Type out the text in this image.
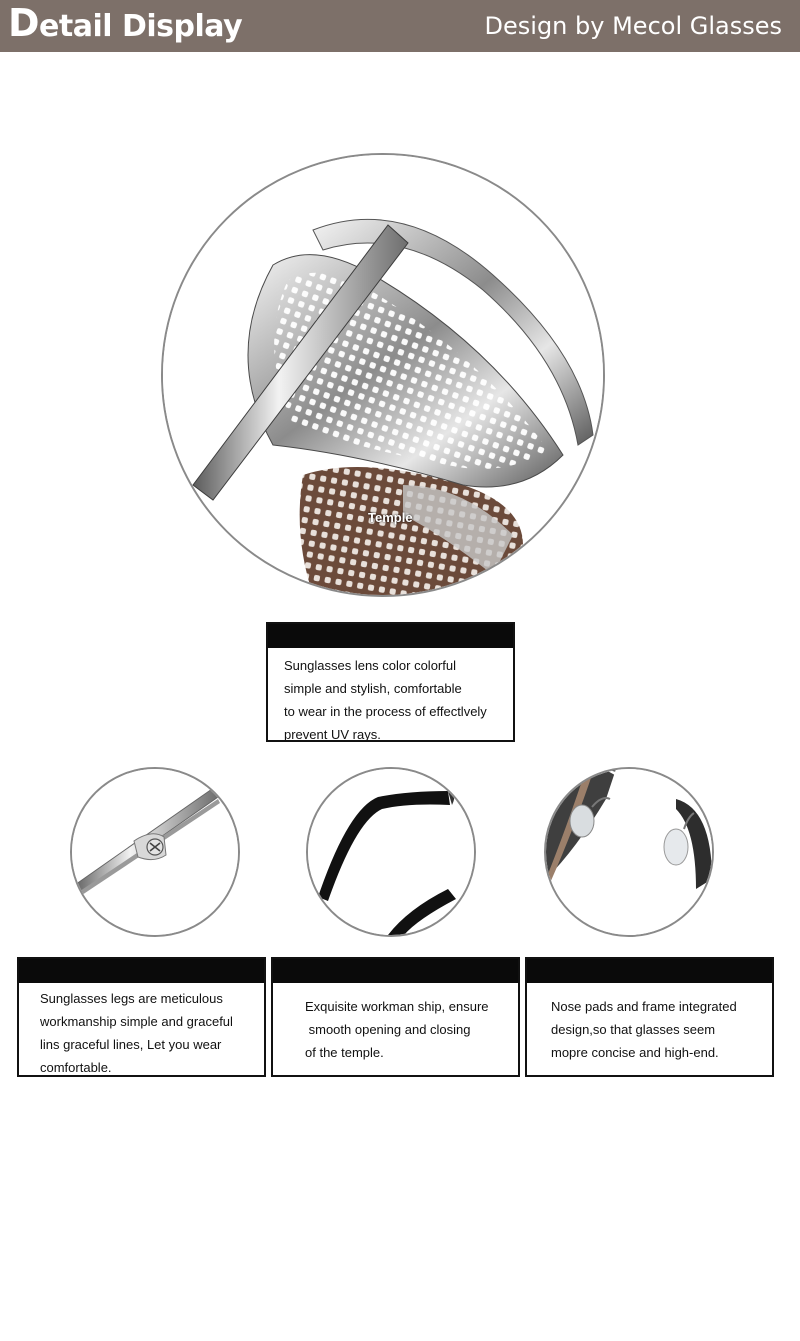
Detail Display	Design by Mecol Glasses
Temple
Sunglasses lens color colorful
simple and stylish, comfortable
to wear in the process of effectlvely
prevent UV rays.
Sunglasses legs are meticulous
workmanship simple and graceful
lins graceful lines, Let you wear
comfortable.
Exquisite workman ship, ensure
smooth opening and closing
of the temple.
Nose pads and frame integrated
design,so that glasses seem
mopre concise and high-end.
